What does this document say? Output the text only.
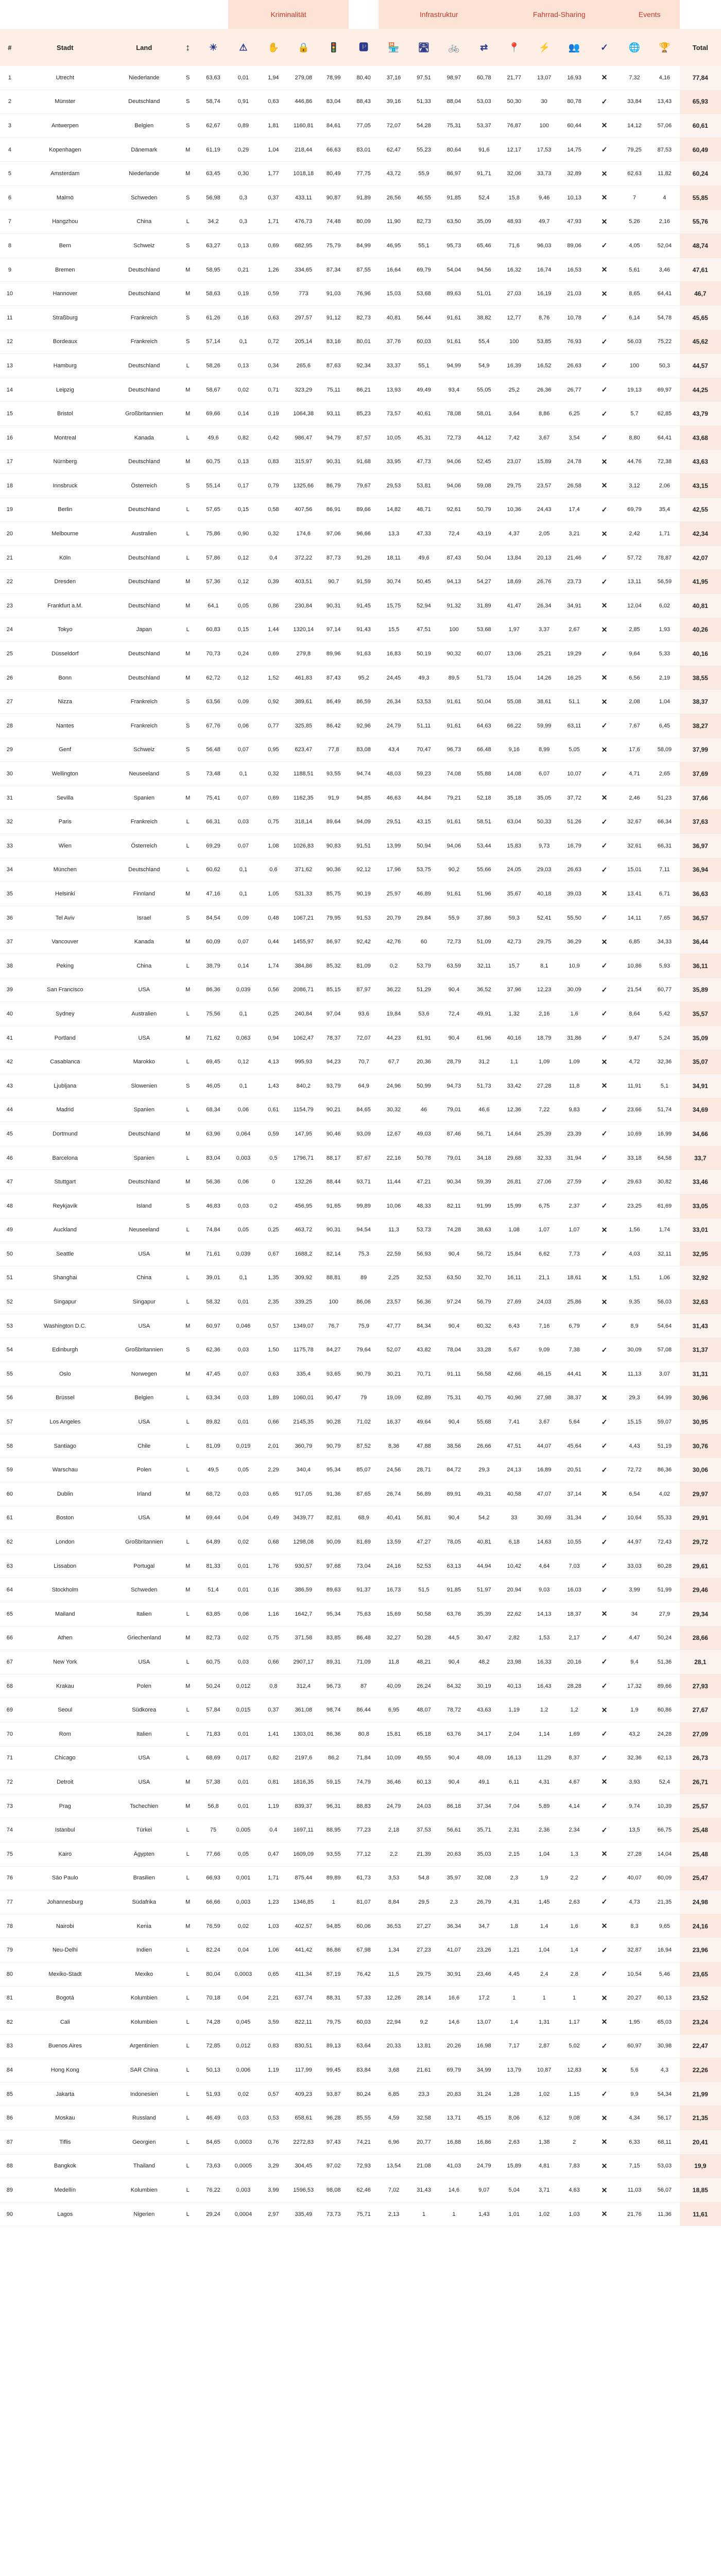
					Kriminalität					Infrastruktur				Fahrrad-Sharing				Events		
#	Stadt	Land	↕	☀	⚠	✋	🔒	🚦	🅿	🏪	🛣	🚲	⇄	📍	⚡	👥	✓	🌐	🏆	Total
1	Utrecht	Niederlande	S	63,63	0,01	1,94	279,08	78,99	80,40	37,16	97,51	98,97	60,78	21,77	13,07	16,93	✕	7,32	4,16	77,84
2	Münster	Deutschland	S	58,74	0,91	0,63	446,86	83,04	88,43	39,16	51,33	88,04	53,03	50,30	30	80,78	✓	33,84	13,43	65,93
3	Antwerpen	Belgien	S	62,67	0,89	1,81	1160,81	84,61	77,05	72,07	54,28	75,31	53,37	76,87	100	60,44	✕	14,12	57,06	60,61
4	Kopenhagen	Dänemark	M	61,19	0,29	1,04	218,44	66,63	83,01	62,47	55,23	80,64	91,6	12,17	17,53	14,75	✓	79,25	87,53	60,49
5	Amsterdam	Niederlande	M	63,45	0,30	1,77	1018,18	80,49	77,75	43,72	55,9	86,97	91,71	32,06	33,73	32,89	✕	62,63	11,82	60,24
6	Malmö	Schweden	S	56,98	0,3	0,37	433,11	90,87	91,89	26,56	46,55	91,85	52,4	15,8	9,46	10,13	✕	7	4	55,85
7	Hangzhou	China	L	34,2	0,3	1,71	476,73	74,48	80,09	11,90	82,73	63,50	35,09	48,93	49,7	47,93	✕	5,26	2,16	55,76
8	Bern	Schweiz	S	63,27	0,13	0,69	682,95	75,79	84,99	46,95	55,1	95,73	65,46	71,6	96,03	89,06	✓	4,05	52,04	48,74
9	Bremen	Deutschland	M	58,95	0,21	1,26	334,65	87,34	87,55	16,64	69,79	54,04	94,56	16,32	16,74	16,53	✕	5,61	3,46	47,61
10	Hannover	Deutschland	M	58,63	0,19	0,59	773	91,03	76,96	15,03	53,68	89,63	51,01	27,03	16,19	21,03	✕	8,65	64,41	46,7
11	Straßburg	Frankreich	S	61,26	0,16	0,63	297,57	91,12	82,73	40,81	56,44	91,61	38,82	12,77	8,76	10,78	✓	6,14	54,78	45,65
12	Bordeaux	Frankreich	S	57,14	0,1	0,72	205,14	83,16	80,01	37,76	60,03	91,61	55,4	100	53,85	76,93	✓	56,03	75,22	45,62
13	Hamburg	Deutschland	L	58,26	0,13	0,34	265,6	87,63	92,34	33,37	55,1	94,99	54,9	16,39	16,52	26,63	✓	100	50,3	44,57
14	Leipzig	Deutschland	M	58,67	0,02	0,71	323,29	75,11	86,21	13,93	49,49	93,4	55,05	25,2	26,36	26,77	✓	19,13	69,97	44,25
15	Bristol	Großbritannien	M	69,66	0,14	0,19	1064,38	93,11	85,23	73,57	40,61	78,08	58,01	3,64	8,86	6,25	✓	5,7	62,85	43,79
16	Montreal	Kanada	L	49,6	0,82	0,42	986,47	94,79	87,57	10,05	45,31	72,73	44,12	7,42	3,67	3,54	✓	8,80	64,41	43,68
17	Nürnberg	Deutschland	M	60,75	0,13	0,83	315,97	90,31	91,68	33,95	47,73	94,06	52,45	23,07	15,89	24,78	✕	44,76	72,38	43,63
18	Innsbruck	Österreich	S	55,14	0,17	0,79	1325,66	86,79	79,67	29,53	53,81	94,06	59,08	29,75	23,57	26,58	✕	3,12	2,06	43,15
19	Berlin	Deutschland	L	57,65	0,15	0,58	407,56	86,91	89,66	14,82	48,71	92,61	50,79	10,36	24,43	17,4	✓	69,79	35,4	42,55
20	Melbourne	Australien	L	75,86	0,90	0,32	174,6	97,06	96,66	13,3	47,33	72,4	43,19	4,37	2,05	3,21	✕	2,42	1,71	42,34
21	Köln	Deutschland	L	57,86	0,12	0,4	372,22	87,73	91,26	18,11	49,6	87,43	50,04	13,84	20,13	21,46	✓	57,72	78,87	42,07
22	Dresden	Deutschland	M	57,36	0,12	0,39	403,51	90,7	91,59	30,74	50,45	94,13	54,27	18,69	26,76	23,73	✓	13,11	56,59	41,95
23	Frankfurt a.M.	Deutschland	M	64,1	0,05	0,86	230,84	90,31	91,45	15,75	52,94	91,32	31,89	41,47	26,34	34,91	✕	12,04	6,02	40,81
24	Tokyo	Japan	L	60,83	0,15	1,44	1320,14	97,14	91,43	15,5	47,51	100	53,68	1,97	3,37	2,67	✕	2,85	1,93	40,26
25	Düsseldorf	Deutschland	M	70,73	0,24	0,69	279,8	89,96	91,63	16,83	50,19	90,32	60,07	13,06	25,21	19,29	✓	9,64	5,33	40,16
26	Bonn	Deutschland	M	62,72	0,12	1,52	461,83	87,43	95,2	24,45	49,3	89,5	51,73	15,04	14,26	16,25	✕	6,56	2,19	38,55
27	Nizza	Frankreich	S	63,56	0,09	0,92	389,61	86,49	86,59	26,34	53,53	91,61	50,04	55,08	38,61	51,1	✕	2,08	1,04	38,37
28	Nantes	Frankreich	S	67,76	0,06	0,77	325,85	86,42	92,96	24,79	51,11	91,61	64,63	66,22	59,99	63,11	✓	7,67	6,45	38,27
29	Genf	Schweiz	S	56,48	0,07	0,95	623,47	77,8	83,08	43,4	70,47	96,73	66,48	9,16	8,99	5,05	✕	17,6	58,09	37,99
30	Wellington	Neuseeland	S	73,48	0,1	0,32	1188,51	93,55	94,74	48,03	59,23	74,08	55,88	14,08	6,07	10,07	✓	4,71	2,65	37,69
31	Sevilla	Spanien	M	75,41	0,07	0,69	1162,35	91,9	94,85	46,63	44,84	79,21	52,18	35,18	35,05	37,72	✕	2,46	51,23	37,66
32	Paris	Frankreich	L	66,31	0,03	0,75	318,14	89,64	94,09	29,51	43,15	91,61	58,51	63,04	50,33	51,26	✓	32,67	66,34	37,63
33	Wien	Österreich	L	69,29	0,07	1,08	1026,83	90,83	91,51	13,99	50,94	94,06	53,44	15,83	9,73	16,79	✓	32,61	66,31	36,97
34	München	Deutschland	L	60,62	0,1	0,6	371,62	90,36	92,12	17,96	53,75	90,2	55,66	24,05	29,03	26,63	✓	15,01	7,11	36,94
35	Helsinki	Finnland	M	47,16	0,1	1,05	531,33	85,75	90,19	25,97	46,89	91,61	51,96	35,67	40,18	39,03	✕	13,41	6,71	36,63
36	Tel Aviv	Israel	S	84,54	0,09	0,48	1067,21	79,95	91,53	20,79	29,84	55,9	37,86	59,3	52,41	55,50	✓	14,11	7,65	36,57
37	Vancouver	Kanada	M	60,09	0,07	0,44	1455,97	86,97	92,42	42,76	60	72,73	51,09	42,73	29,75	36,29	✕	6,85	34,33	36,44
38	Peking	China	L	38,79	0,14	1,74	384,86	85,32	81,09	0,2	53,79	63,59	32,11	15,7	8,1	10,9	✓	10,86	5,93	36,11
39	San Francisco	USA	M	86,36	0,039	0,56	2086,71	85,15	87,97	36,22	51,29	90,4	36,52	37,96	12,23	30,09	✓	21,54	60,77	35,89
40	Sydney	Australien	L	75,56	0,1	0,25	240,84	97,04	93,6	19,84	53,6	72,4	49,91	1,32	2,16	1,6	✓	8,64	5,42	35,57
41	Portland	USA	M	71,62	0,063	0,94	1062,47	78,37	72,07	44,23	61,91	90,4	61,96	40,16	18,79	31,86	✓	9,47	5,24	35,09
42	Casablanca	Marokko	L	69,45	0,12	4,13	995,93	94,23	70,7	67,7	20,36	28,79	31,2	1,1	1,09	1,09	✕	4,72	32,36	35,07
43	Ljubljana	Slowenien	S	46,05	0,1	1,43	840,2	93,79	64,9	24,96	50,99	94,73	51,73	33,42	27,28	11,8	✕	11,91	5,1	34,91
44	Madrid	Spanien	L	68,34	0,06	0,61	1154,79	90,21	84,65	30,32	46	79,01	46,6	12,36	7,22	9,83	✓	23,66	51,74	34,69
45	Dortmund	Deutschland	M	63,96	0,064	0,59	147,95	90,46	93,09	12,67	49,03	87,46	56,71	14,64	25,39	23,39	✓	10,69	16,99	34,66
46	Barcelona	Spanien	L	83,04	0,003	0,5	1796,71	88,17	87,67	22,16	50,78	79,01	34,18	29,68	32,33	31,94	✓	33,18	64,58	33,7
47	Stuttgart	Deutschland	M	56,36	0,06	0	132,26	88,44	93,71	11,44	47,21	90,34	59,39	26,81	27,06	27,59	✓	29,63	30,82	33,46
48	Reykjavík	Island	S	46,83	0,03	0,2	456,95	91,65	99,89	10,06	48,33	82,11	91,99	15,99	6,75	2,37	✓	23,25	61,69	33,05
49	Auckland	Neuseeland	L	74,84	0,05	0,25	463,72	90,31	94,54	11,3	53,73	74,28	38,63	1,08	1,07	1,07	✕	1,56	1,74	33,01
50	Seattle	USA	M	71,61	0,039	0,67	1688,2	82,14	75,3	22,59	56,93	90,4	56,72	15,84	6,62	7,73	✓	4,03	32,11	32,95
51	Shanghai	China	L	39,01	0,1	1,35	309,92	88,81	89	2,25	32,53	63,50	32,70	16,11	21,1	18,61	✕	1,51	1,06	32,92
52	Singapur	Singapur	L	58,32	0,01	2,35	339,25	100	86,06	23,57	56,36	97,24	56,79	27,69	24,03	25,86	✕	9,35	56,03	32,63
53	Washington D.C.	USA	M	60,97	0,046	0,57	1349,07	76,7	75,9	47,77	84,34	90,4	60,32	6,43	7,16	6,79	✓	8,9	54,64	31,43
54	Edinburgh	Großbritannien	S	62,36	0,03	1,50	1175,78	84,27	79,64	52,07	43,82	78,04	33,28	5,67	9,09	7,38	✓	30,09	57,08	31,37
55	Oslo	Norwegen	M	47,45	0,07	0,63	335,4	93,65	90,79	30,21	70,71	91,11	56,58	42,66	46,15	44,41	✕	11,13	3,07	31,31
56	Brüssel	Belgien	L	63,34	0,03	1,89	1060,01	90,47	79	19,09	62,89	75,31	40,75	40,96	27,98	38,37	✕	29,3	64,99	30,96
57	Los Angeles	USA	L	89,82	0,01	0,66	2145,35	90,28	71,02	16,37	49,64	90,4	55,68	7,41	3,67	5,64	✓	15,15	59,07	30,95
58	Santiago	Chile	L	81,09	0,019	2,01	360,79	90,79	87,52	8,36	47,88	38,56	26,66	47,51	44,07	45,64	✓	4,43	51,19	30,76
59	Warschau	Polen	L	49,5	0,05	2,29	340,4	95,34	85,07	24,56	28,71	84,72	29,3	24,13	16,89	20,51	✓	72,72	86,36	30,06
60	Dublin	Irland	M	68,72	0,03	0,65	917,05	91,36	87,65	26,74	56,89	89,91	49,31	40,58	47,07	37,14	✕	6,54	4,02	29,97
61	Boston	USA	M	69,44	0,04	0,49	3439,77	82,81	68,9	40,41	56,81	90,4	54,2	33	30,69	31,34	✓	10,64	55,33	29,91
62	London	Großbritannien	L	64,89	0,02	0,68	1298,08	90,09	81,69	13,59	47,27	78,05	40,81	6,18	14,63	10,55	✓	44,97	72,43	29,72
63	Lissabon	Portugal	M	81,33	0,01	1,76	930,57	97,68	73,04	24,16	52,53	63,13	44,94	10,42	4,64	7,03	✓	33,03	60,28	29,61
64	Stockholm	Schweden	M	51,4	0,01	0,16	386,59	89,63	91,37	16,73	51,5	91,85	51,97	20,94	9,03	16,03	✓	3,99	51,99	29,46
65	Mailand	Italien	L	63,85	0,06	1,16	1642,7	95,34	75,63	15,69	50,58	63,76	35,39	22,62	14,13	18,37	✕	34	27,9	29,34
66	Athen	Griechenland	M	82,73	0,02	0,75	371,58	83,85	86,48	32,27	50,28	44,5	30,47	2,82	1,53	2,17	✓	4,47	50,24	28,66
67	New York	USA	L	60,75	0,03	0,66	2907,17	89,31	71,09	11,8	48,21	90,4	48,2	23,98	16,33	20,16	✓	9,4	51,36	28,1
68	Krakau	Polen	M	50,24	0,012	0,8	312,4	96,73	87	40,09	26,24	84,32	30,19	40,13	16,43	28,28	✓	17,32	89,66	27,93
69	Seoul	Südkorea	L	57,84	0,015	0,37	361,08	98,74	86,44	6,95	48,07	78,72	43,63	1,19	1,2	1,2	✕	1,9	60,86	27,67
70	Rom	Italien	L	71,83	0,01	1,41	1303,01	86,36	80,8	15,81	65,18	63,76	34,17	2,04	1,14	1,69	✓	43,2	24,28	27,09
71	Chicago	USA	L	68,69	0,017	0,82	2197,6	86,2	71,84	10,09	49,55	90,4	48,09	16,13	11,29	8,37	✓	32,36	62,13	26,73
72	Detroit	USA	M	57,38	0,01	0,81	1816,35	59,15	74,79	36,46	60,13	90,4	49,1	6,11	4,31	4,67	✕	3,93	52,4	26,71
73	Prag	Tschechien	M	56,8	0,01	1,19	839,37	96,31	88,83	24,79	24,03	86,18	37,34	7,04	5,89	4,14	✓	9,74	10,39	25,57
74	Istanbul	Türkei	L	75	0,005	0,4	1697,11	88,95	77,23	2,18	37,53	56,61	35,71	2,31	2,36	2,34	✓	13,5	66,75	25,48
75	Kairo	Ägypten	L	77,66	0,05	0,47	1609,09	93,55	77,12	2,2	21,39	20,63	35,03	2,15	1,04	1,3	✕	27,28	14,04	25,48
76	Sāo Paulo	Brasilien	L	66,93	0,001	1,71	875,44	89,89	61,73	3,53	54,8	35,97	32,08	2,3	1,9	2,2	✓	40,07	60,09	25,47
77	Johannesburg	Südafrika	M	66,66	0,003	1,23	1346,85	1	81,07	8,84	29,5	2,3	26,79	4,31	1,45	2,63	✓	4,73	21,35	24,98
78	Nairobi	Kenia	M	76,59	0,02	1,03	402,57	94,85	60,06	36,53	27,27	36,34	34,7	1,8	1,4	1,6	✕	8,3	9,65	24,16
79	Neu-Delhi	Indien	L	82,24	0,04	1,06	441,42	86,86	67,98	1,34	27,23	41,07	23,26	1,21	1,04	1,4	✓	32,87	16,94	23,96
80	Mexiko-Stadt	Mexiko	L	80,04	0,0003	0,65	411,34	87,19	76,42	11,5	29,75	30,91	23,46	4,45	2,4	2,8	✓	10,54	5,46	23,65
81	Bogotá	Kolumbien	L	70,18	0,04	2,21	637,74	88,31	57,33	12,26	28,14	16,6	17,2	1	1	1	✕	20,27	60,13	23,52
82	Cali	Kolumbien	L	74,28	0,045	3,59	822,11	79,75	60,03	22,94	9,2	14,6	13,07	1,4	1,31	1,17	✕	1,95	65,03	23,24
83	Buenos Aires	Argentinien	L	72,85	0,012	0,83	830,51	89,13	63,64	20,33	13,81	20,26	16,98	7,17	2,87	5,02	✓	60,97	30,98	22,47
84	Hong Kong	SAR China	L	50,13	0,006	1,19	117,99	99,45	83,84	3,68	21,61	69,79	34,99	13,79	10,87	12,83	✕	5,6	4,3	22,26
85	Jakarta	Indonesien	L	51,93	0,02	0,57	409,23	93,87	80,24	6,85	23,3	20,83	31,24	1,28	1,02	1,15	✓	9,9	54,34	21,99
86	Moskau	Russland	L	46,49	0,03	0,53	658,61	96,28	85,55	4,59	32,58	13,71	45,15	8,06	6,12	9,08	✕	4,34	56,17	21,35
87	Tiflis	Georgien	L	84,65	0,0003	0,76	2272,83	97,43	74,21	6,96	20,77	16,88	16,86	2,63	1,38	2	✕	6,33	68,11	20,41
88	Bangkok	Thailand	L	73,63	0,0005	3,29	304,45	97,02	72,93	13,54	21,08	41,03	24,79	15,89	4,81	7,83	✕	7,15	53,03	19,9
89	Medellín	Kolumbien	L	76,22	0,003	3,99	1596,53	98,08	62,46	7,02	31,43	14,6	9,07	5,04	3,71	4,63	✕	11,03	56,07	18,85
90	Lagos	Nigerien	L	29,24	0,0004	2,97	335,49	73,73	75,71	2,13	1	1	1,43	1,01	1,02	1,03	✕	21,76	11,36	11,61
